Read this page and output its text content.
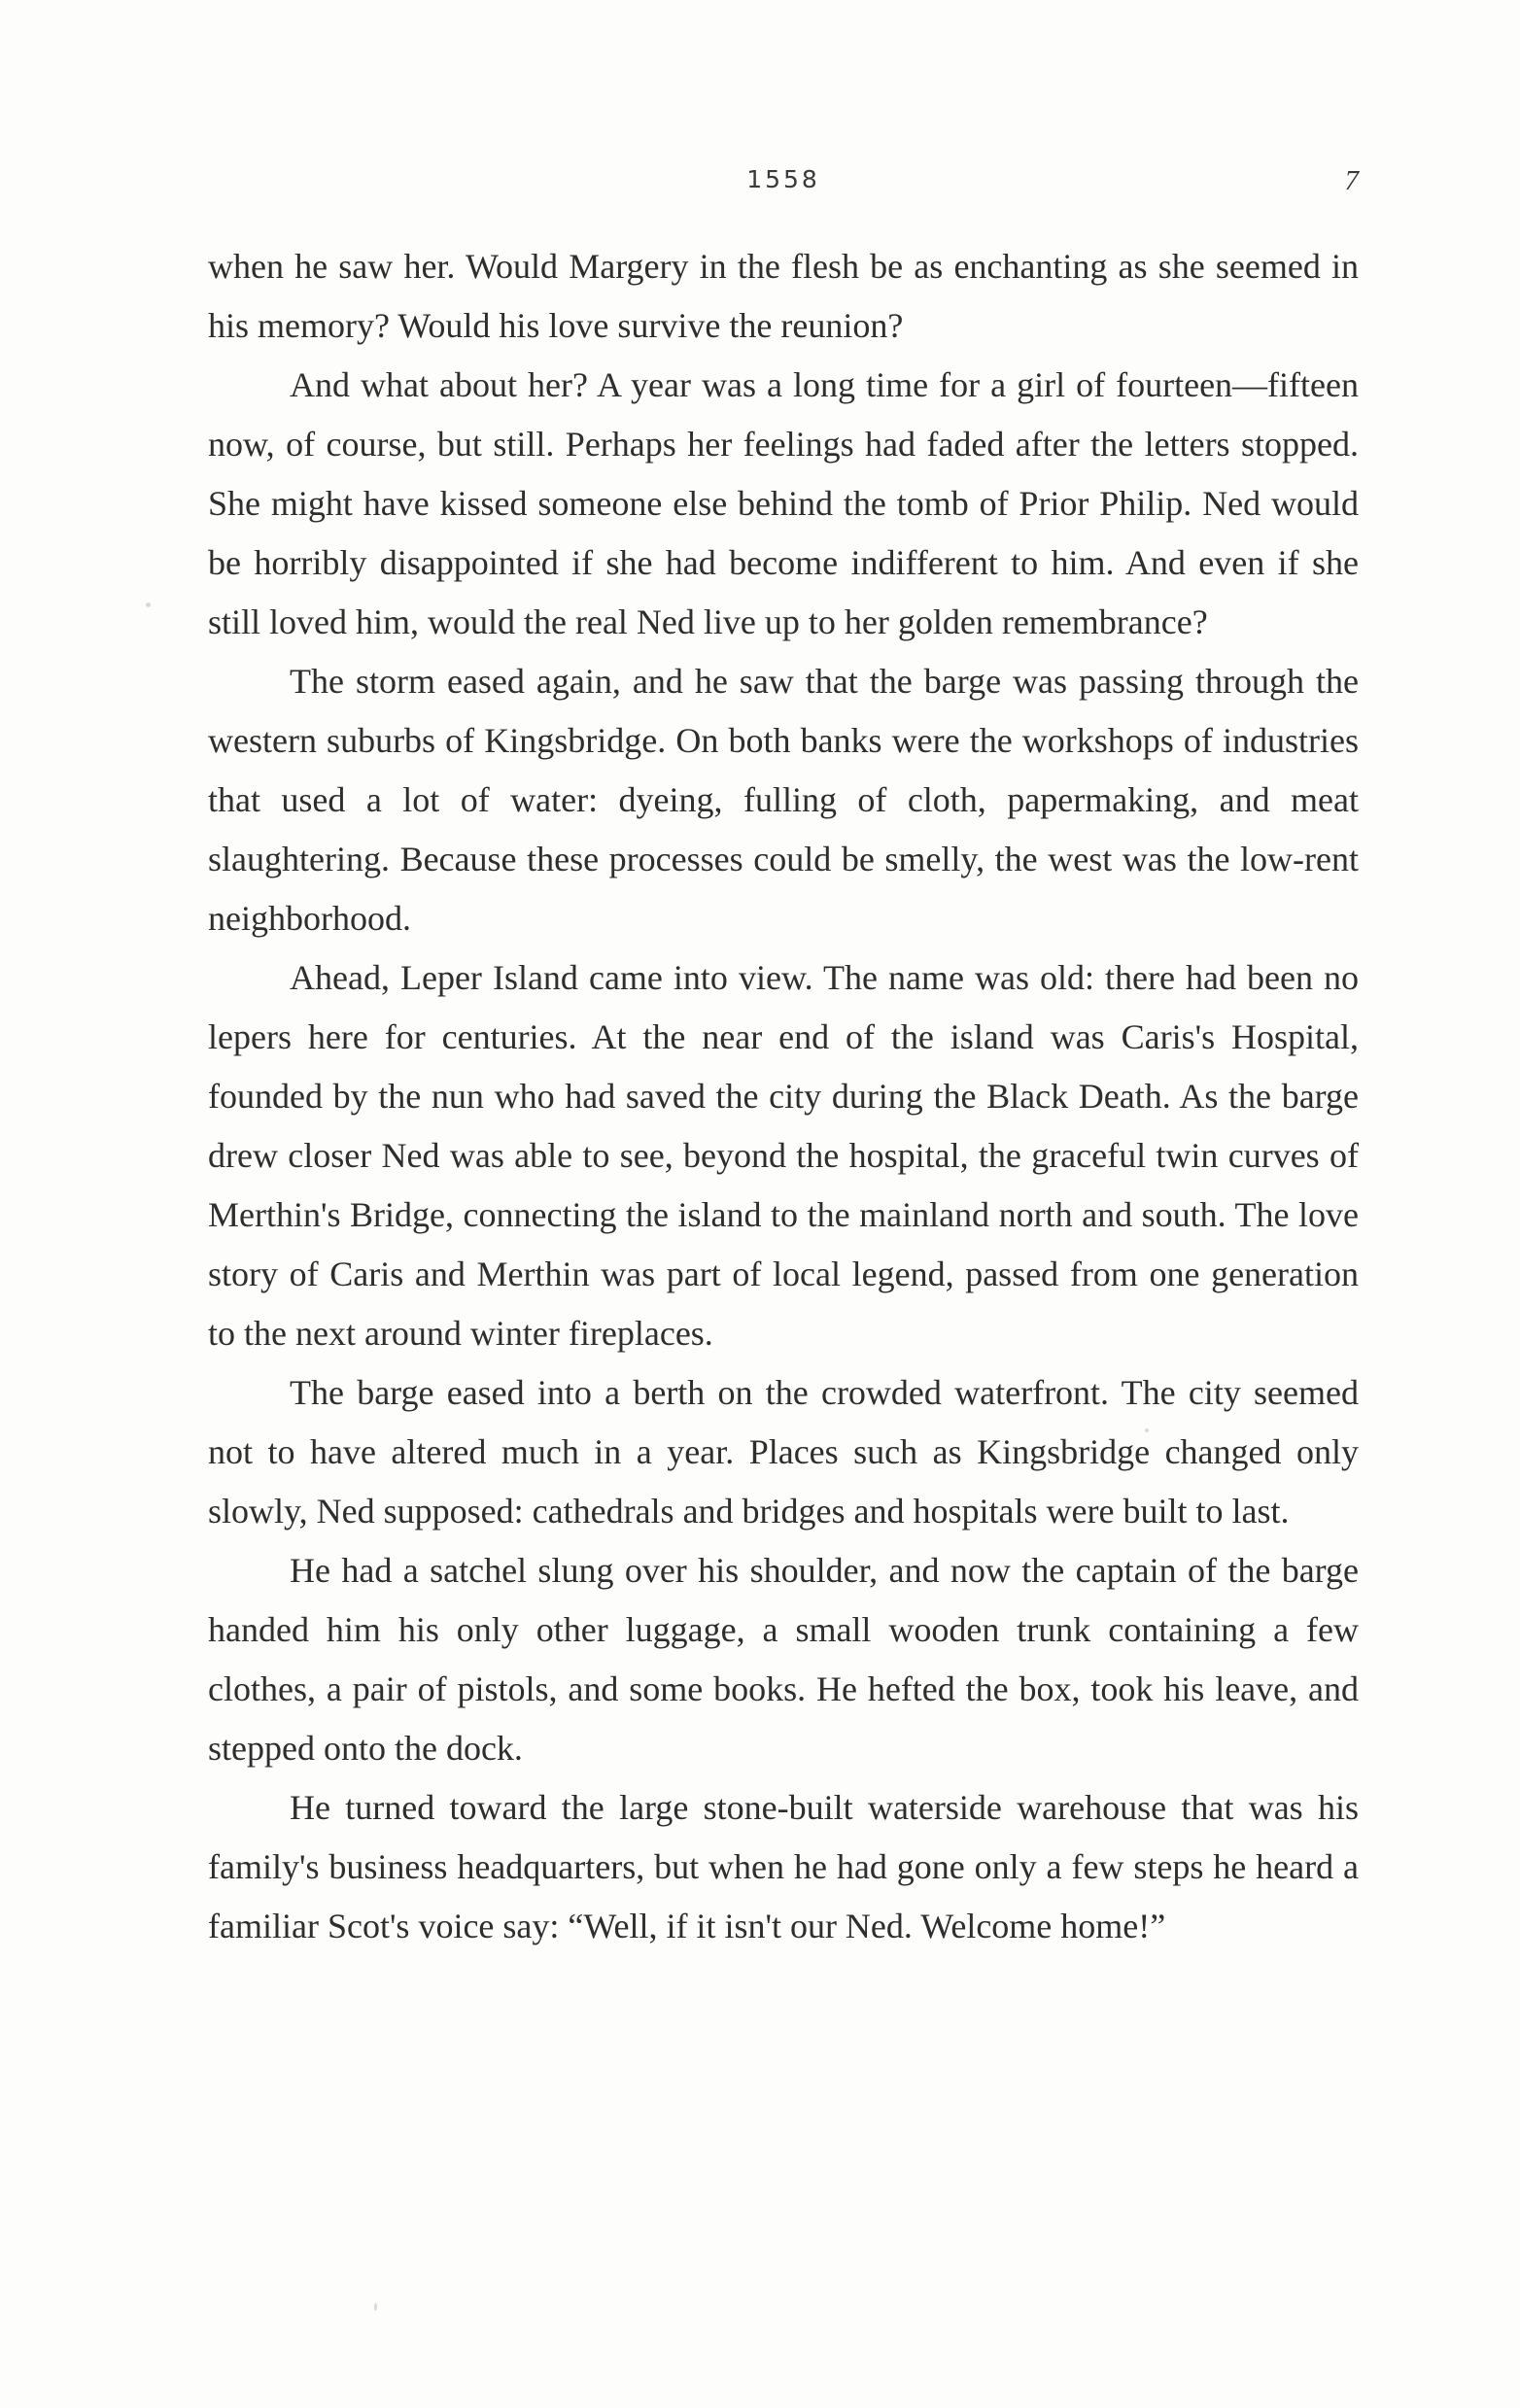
1558	7

when he saw her. Would Margery in the flesh be as enchanting as she seemed in his memory? Would his love survive the reunion?

And what about her? A year was a long time for a girl of fourteen—fifteen now, of course, but still. Perhaps her feelings had faded after the letters stopped. She might have kissed someone else behind the tomb of Prior Philip. Ned would be horribly disappointed if she had become indifferent to him. And even if she still loved him, would the real Ned live up to her golden remembrance?

The storm eased again, and he saw that the barge was passing through the western suburbs of Kingsbridge. On both banks were the workshops of industries that used a lot of water: dyeing, fulling of cloth, papermaking, and meat slaughtering. Because these processes could be smelly, the west was the low-rent neighborhood.

Ahead, Leper Island came into view. The name was old: there had been no lepers here for centuries. At the near end of the island was Caris's Hospital, founded by the nun who had saved the city during the Black Death. As the barge drew closer Ned was able to see, beyond the hospital, the graceful twin curves of Merthin's Bridge, connecting the island to the mainland north and south. The love story of Caris and Merthin was part of local legend, passed from one generation to the next around winter fireplaces.

The barge eased into a berth on the crowded waterfront. The city seemed not to have altered much in a year. Places such as Kingsbridge changed only slowly, Ned supposed: cathedrals and bridges and hospitals were built to last.

He had a satchel slung over his shoulder, and now the captain of the barge handed him his only other luggage, a small wooden trunk containing a few clothes, a pair of pistols, and some books. He hefted the box, took his leave, and stepped onto the dock.

He turned toward the large stone-built waterside warehouse that was his family's business headquarters, but when he had gone only a few steps he heard a familiar Scot's voice say: “Well, if it isn't our Ned. Welcome home!”
